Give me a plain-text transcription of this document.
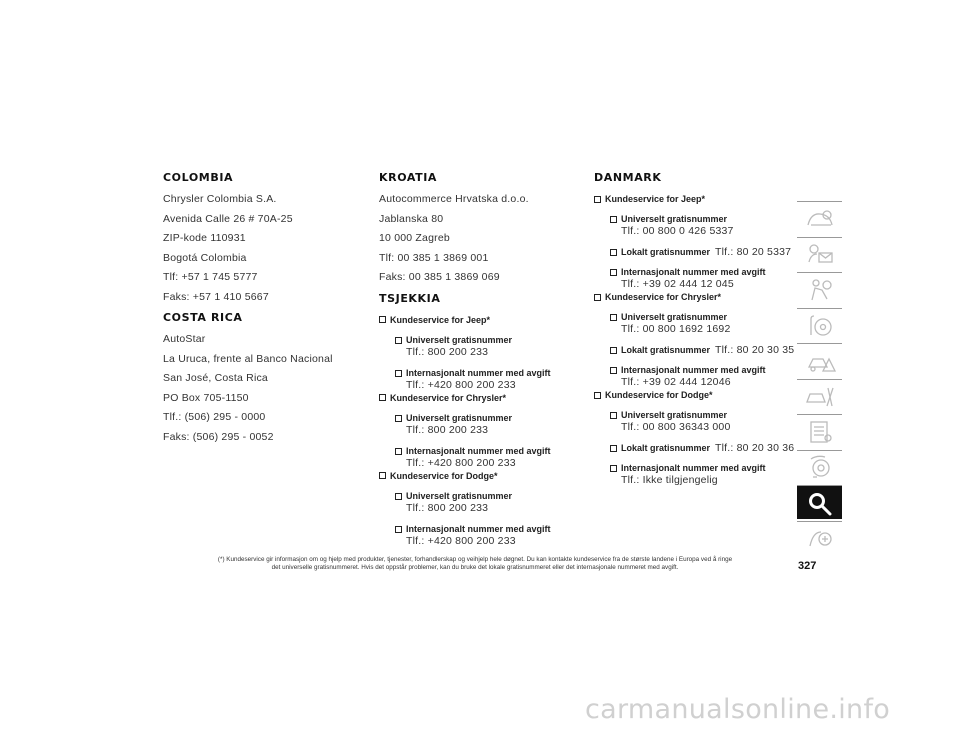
COLOMBIA
Chrysler Colombia S.A.
Avenida Calle 26 # 70A-25
ZIP-kode 110931
Bogotá Colombia
Tlf: +57 1 745 5777
Faks: +57 1 410 5667
COSTA RICA
AutoStar
La Uruca, frente al Banco Nacional
San José, Costa Rica
PO Box 705-1150
Tlf.: (506) 295 - 0000
Faks: (506) 295 - 0052
KROATIA
Autocommerce Hrvatska d.o.o.
Jablanska 80
10 000 Zagreb
Tlf: 00 385 1 3869 001
Faks: 00 385 1 3869 069
TSJEKKIA
Kundeservice for Jeep*
Universelt gratisnummer
Tlf.: 800 200 233
Internasjonalt nummer med avgift
Tlf.: +420 800 200 233
Kundeservice for Chrysler*
Universelt gratisnummer
Tlf.: 800 200 233
Internasjonalt nummer med avgift
Tlf.: +420 800 200 233
Kundeservice for Dodge*
Universelt gratisnummer
Tlf.: 800 200 233
Internasjonalt nummer med avgift
Tlf.: +420 800 200 233
DANMARK
Kundeservice for Jeep*
Universelt gratisnummer
Tlf.: 00 800 0 426 5337
Lokalt gratisnummer Tlf.: 80 20 5337
Internasjonalt nummer med avgift
Tlf.: +39 02 444 12 045
Kundeservice for Chrysler*
Universelt gratisnummer
Tlf.: 00 800 1692 1692
Lokalt gratisnummer Tlf.: 80 20 30 35
Internasjonalt nummer med avgift
Tlf.: +39 02 444 12046
Kundeservice for Dodge*
Universelt gratisnummer
Tlf.: 00 800 36343 000
Lokalt gratisnummer Tlf.: 80 20 30 36
Internasjonalt nummer med avgift
Tlf.: Ikke tilgjengelig
(*) Kundeservice gir informasjon om og hjelp med produkter, tjenester, forhandlerskap og veihjelp hele døgnet. Du kan kontakte kundeservice fra de største landene i Europa ved å ringe
det universelle gratisnummeret. Hvis det oppstår problemer, kan du bruke det lokale gratisnummeret eller det internasjonale nummeret med avgift.	327
carmanualsonline.info
